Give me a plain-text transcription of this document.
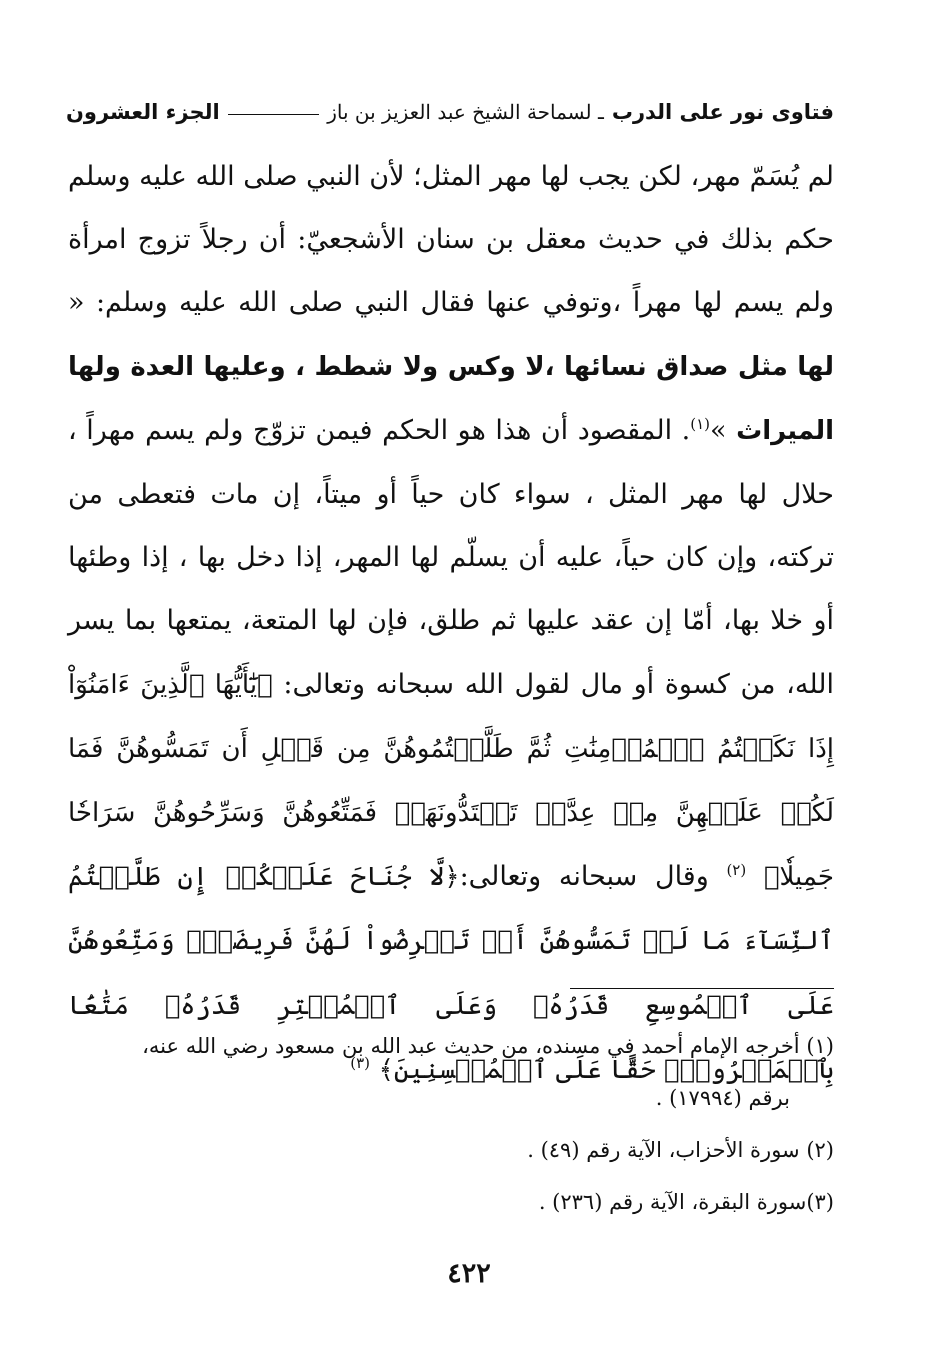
فتاوى نور على الدرب
ـ لسماحة الشيخ عبد العزيز بن باز
الجزء العشرون
لم يُسَمّ مهر، لكن يجب لها مهر المثل؛ لأن النبي صلى الله عليه وسلم حكم بذلك في حديث معقل بن سنان الأشجعيّ: أن رجلاً تزوج امرأة ولم يسم لها مهراً ،وتوفي عنها فقال النبي صلى الله عليه وسلم: « لها مثل صداق نسائها ،لا وكس ولا شطط ، وعليها العدة ولها الميراث »$^{(١)}$. المقصود أن هذا هو الحكم فيمن تزوّج ولم يسم مهراً ، حلال لها مهر المثل ، سواء كان حياً أو ميتاً، إن مات فتعطى من تركته، وإن كان حياً، عليه أن يسلّم لها المهر، إذا دخل بها ، إذا وطئها أو خلا بها، أمّا إن عقد عليها ثم طلق، فإن لها المتعة، يمتعها بما يسر الله، من كسوة أو مال لقول الله سبحانه وتعالى: ﴿يَٰٓأَيُّهَا ٱلَّذِينَ ءَامَنُوٓاْ إِذَا نَكَحۡتُمُ ٱلۡمُؤۡمِنَٰتِ ثُمَّ طَلَّقۡتُمُوهُنَّ مِن قَبۡلِ أَن تَمَسُّوهُنَّ فَمَا لَكُمۡ عَلَيۡهِنَّ مِنۡ عِدَّةٖ تَعۡتَدُّونَهَاۖ فَمَتِّعُوهُنَّ وَسَرِّحُوهُنَّ سَرَاحٗا جَمِيلٗا﴾ $^{(٢)}$ وقال سبحانه وتعالى:﴿لَّا جُنَاحَ عَلَيۡكُمۡ إِن طَلَّقۡتُمُ ٱلنِّسَآءَ مَا لَمۡ تَمَسُّوهُنَّ أَوۡ تَفۡرِضُواْ لَهُنَّ فَرِيضَةٗۚ وَمَتِّعُوهُنَّ عَلَى ٱلۡمُوسِعِ قَدَرُهُۥ وَعَلَى ٱلۡمُقۡتِرِ قَدَرُهُۥ مَتَٰعَۢا بِٱلۡمَعۡرُوفِۖ حَقًّا عَلَى ٱلۡمُحۡسِنِينَ﴾ $^{(٣)}$
(١) أخرجه الإمام أحمد في مسنده، من حديث عبد الله بن مسعود رضي الله عنه،
برقم (١٧٩٩٤) .
(٢) سورة الأحزاب، الآية رقم (٤٩) .
(٣)سورة البقرة، الآية رقم (٢٣٦) .
٤٢٢
